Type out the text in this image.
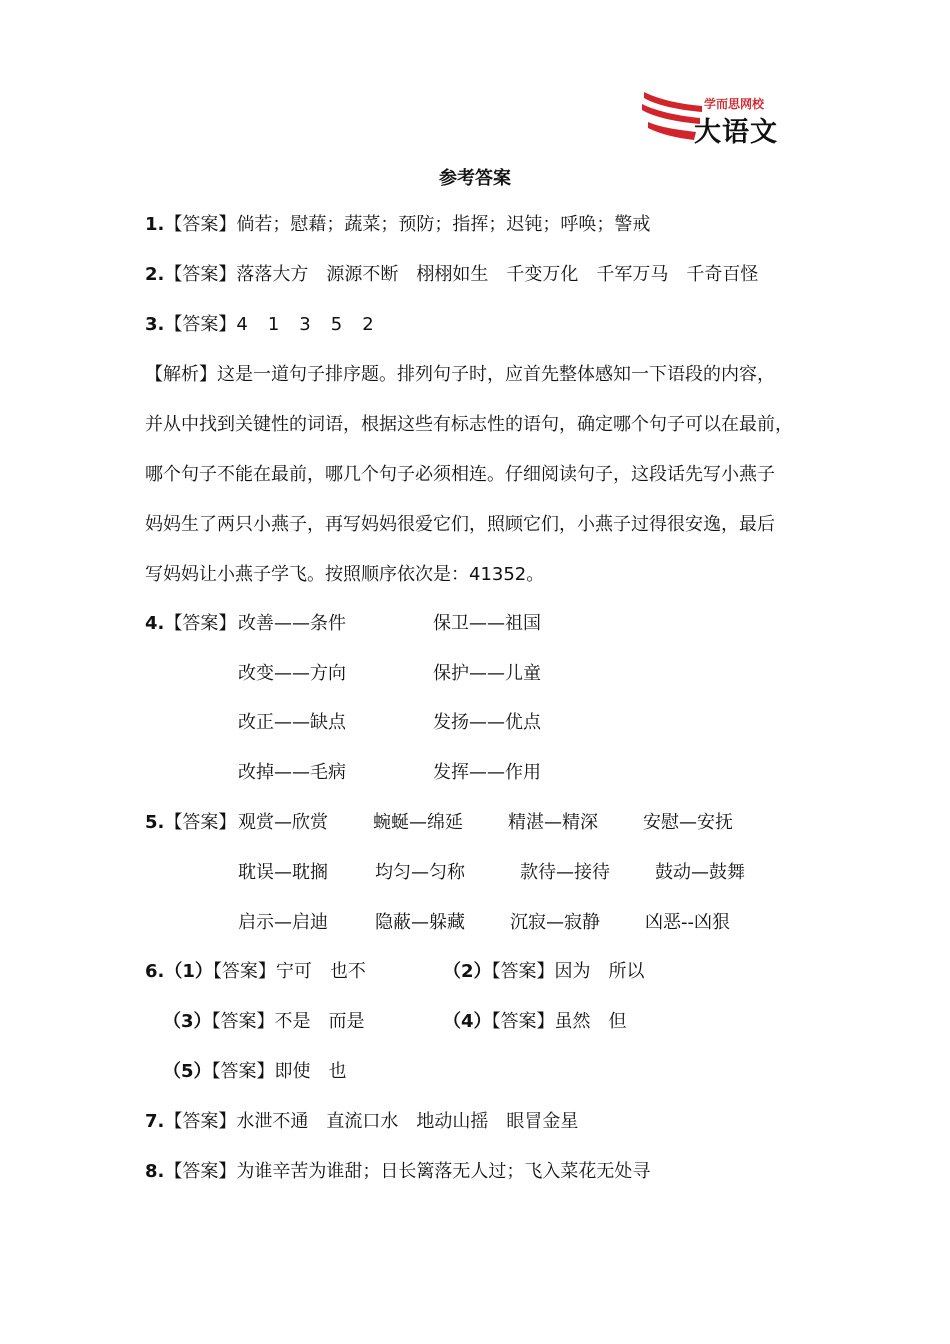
学而思网校
大语文
参考答案
1.【答案】倘若；慰藉；蔬菜；预防；指挥；迟钝；呼唤；警戒
2.【答案】落落大方 源源不断 栩栩如生 千变万化 千军万马 千奇百怪
3.【答案】4 1 3 5 2
【解析】这是一道句子排序题。排列句子时，应首先整体感知一下语段的内容，
并从中找到关键性的词语，根据这些有标志性的语句，确定哪个句子可以在最前，
哪个句子不能在最前，哪几个句子必须相连。仔细阅读句子，这段话先写小燕子
妈妈生了两只小燕子，再写妈妈很爱它们，照顾它们，小燕子过得很安逸，最后
写妈妈让小燕子学飞。按照顺序依次是：41352。
4.【答案】 改善——条件	保卫——祖国
改变——方向	保护——儿童
改正——缺点	发扬——优点
改掉——毛病	发挥——作用
5.【答案】 观赏—欣赏	蜿蜒—绵延	精湛—精深	安慰—安抚
耽误—耽搁	均匀—匀称	款待—接待	鼓动—鼓舞
启示—启迪	隐蔽—躲藏	沉寂—寂静	凶恶--凶狠
6.（1）【答案】宁可　也不	（2）【答案】因为　所以
（3）【答案】不是　而是	（4）【答案】虽然　但
（5）【答案】即使　也
7.【答案】水泄不通 直流口水 地动山摇 眼冒金星
8.【答案】为谁辛苦为谁甜；日长篱落无人过；飞入菜花无处寻
